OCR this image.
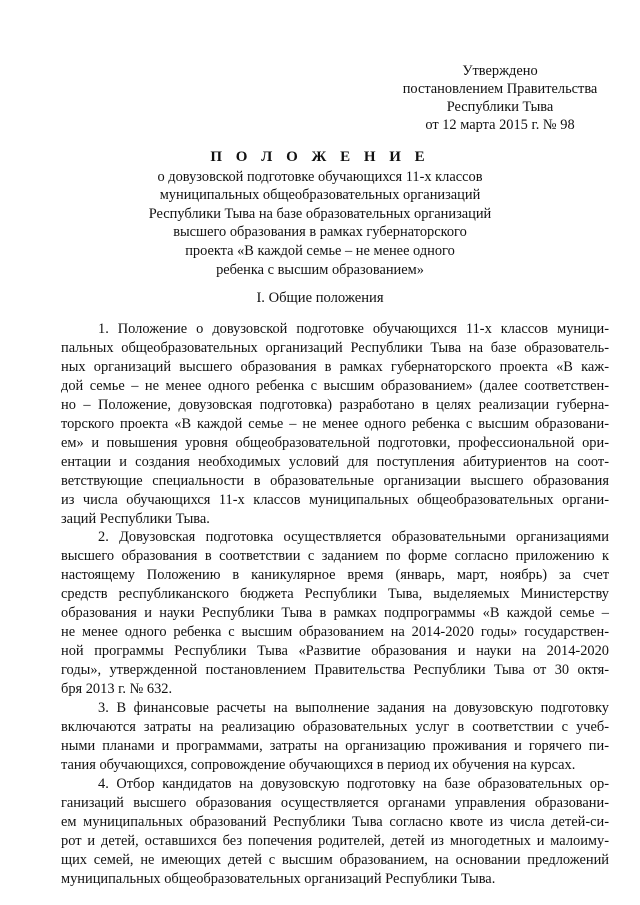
Утверждено
постановлением Правительства
Республики Тыва
от 12 марта 2015 г. № 98
П О Л О Ж Е Н И Е
о довузовской подготовке обучающихся 11-х классов
муниципальных общеобразовательных организаций
Республики Тыва на базе образовательных организаций
высшего образования в рамках губернаторского
проекта «В каждой семье – не менее одного
ребенка с высшим образованием»
I. Общие положения
1. Положение о довузовской подготовке обучающихся 11-х классов муници-
пальных общеобразовательных организаций Республики Тыва на базе образователь-
ных организаций высшего образования в рамках губернаторского проекта «В каж-
дой семье – не менее одного ребенка с высшим образованием» (далее соответствен-
но – Положение, довузовская подготовка) разработано в целях реализации губерна-
торского проекта «В каждой семье – не менее одного ребенка с высшим образовани-
ем» и повышения уровня общеобразовательной подготовки, профессиональной ори-
ентации и создания необходимых условий для поступления абитуриентов на соот-
ветствующие специальности в образовательные организации высшего образования
из числа обучающихся 11-х классов муниципальных общеобразовательных органи-
заций Республики Тыва.
2. Довузовская подготовка осуществляется образовательными организациями
высшего образования в соответствии с заданием по форме согласно приложению к
настоящему Положению в каникулярное время (январь, март, ноябрь) за счет
средств республиканского бюджета Республики Тыва, выделяемых Министерству
образования и науки Республики Тыва в рамках подпрограммы «В каждой семье –
не менее одного ребенка с высшим образованием на 2014-2020 годы» государствен-
ной программы Республики Тыва «Развитие образования и науки на 2014-2020
годы», утвержденной постановлением Правительства Республики Тыва от 30 октя-
бря 2013 г. № 632.
3. В финансовые расчеты на выполнение задания на довузовскую подготовку
включаются затраты на реализацию образовательных услуг в соответствии с учеб-
ными планами и программами, затраты на организацию проживания и горячего пи-
тания обучающихся, сопровождение обучающихся в период их обучения на курсах.
4. Отбор кандидатов на довузовскую подготовку на базе образовательных ор-
ганизаций высшего образования осуществляется органами управления образовани-
ем муниципальных образований Республики Тыва согласно квоте из числа детей-си-
рот и детей, оставшихся без попечения родителей, детей из многодетных и малоиму-
щих семей, не имеющих детей с высшим образованием, на основании предложений
муниципальных общеобразовательных организаций Республики Тыва.
